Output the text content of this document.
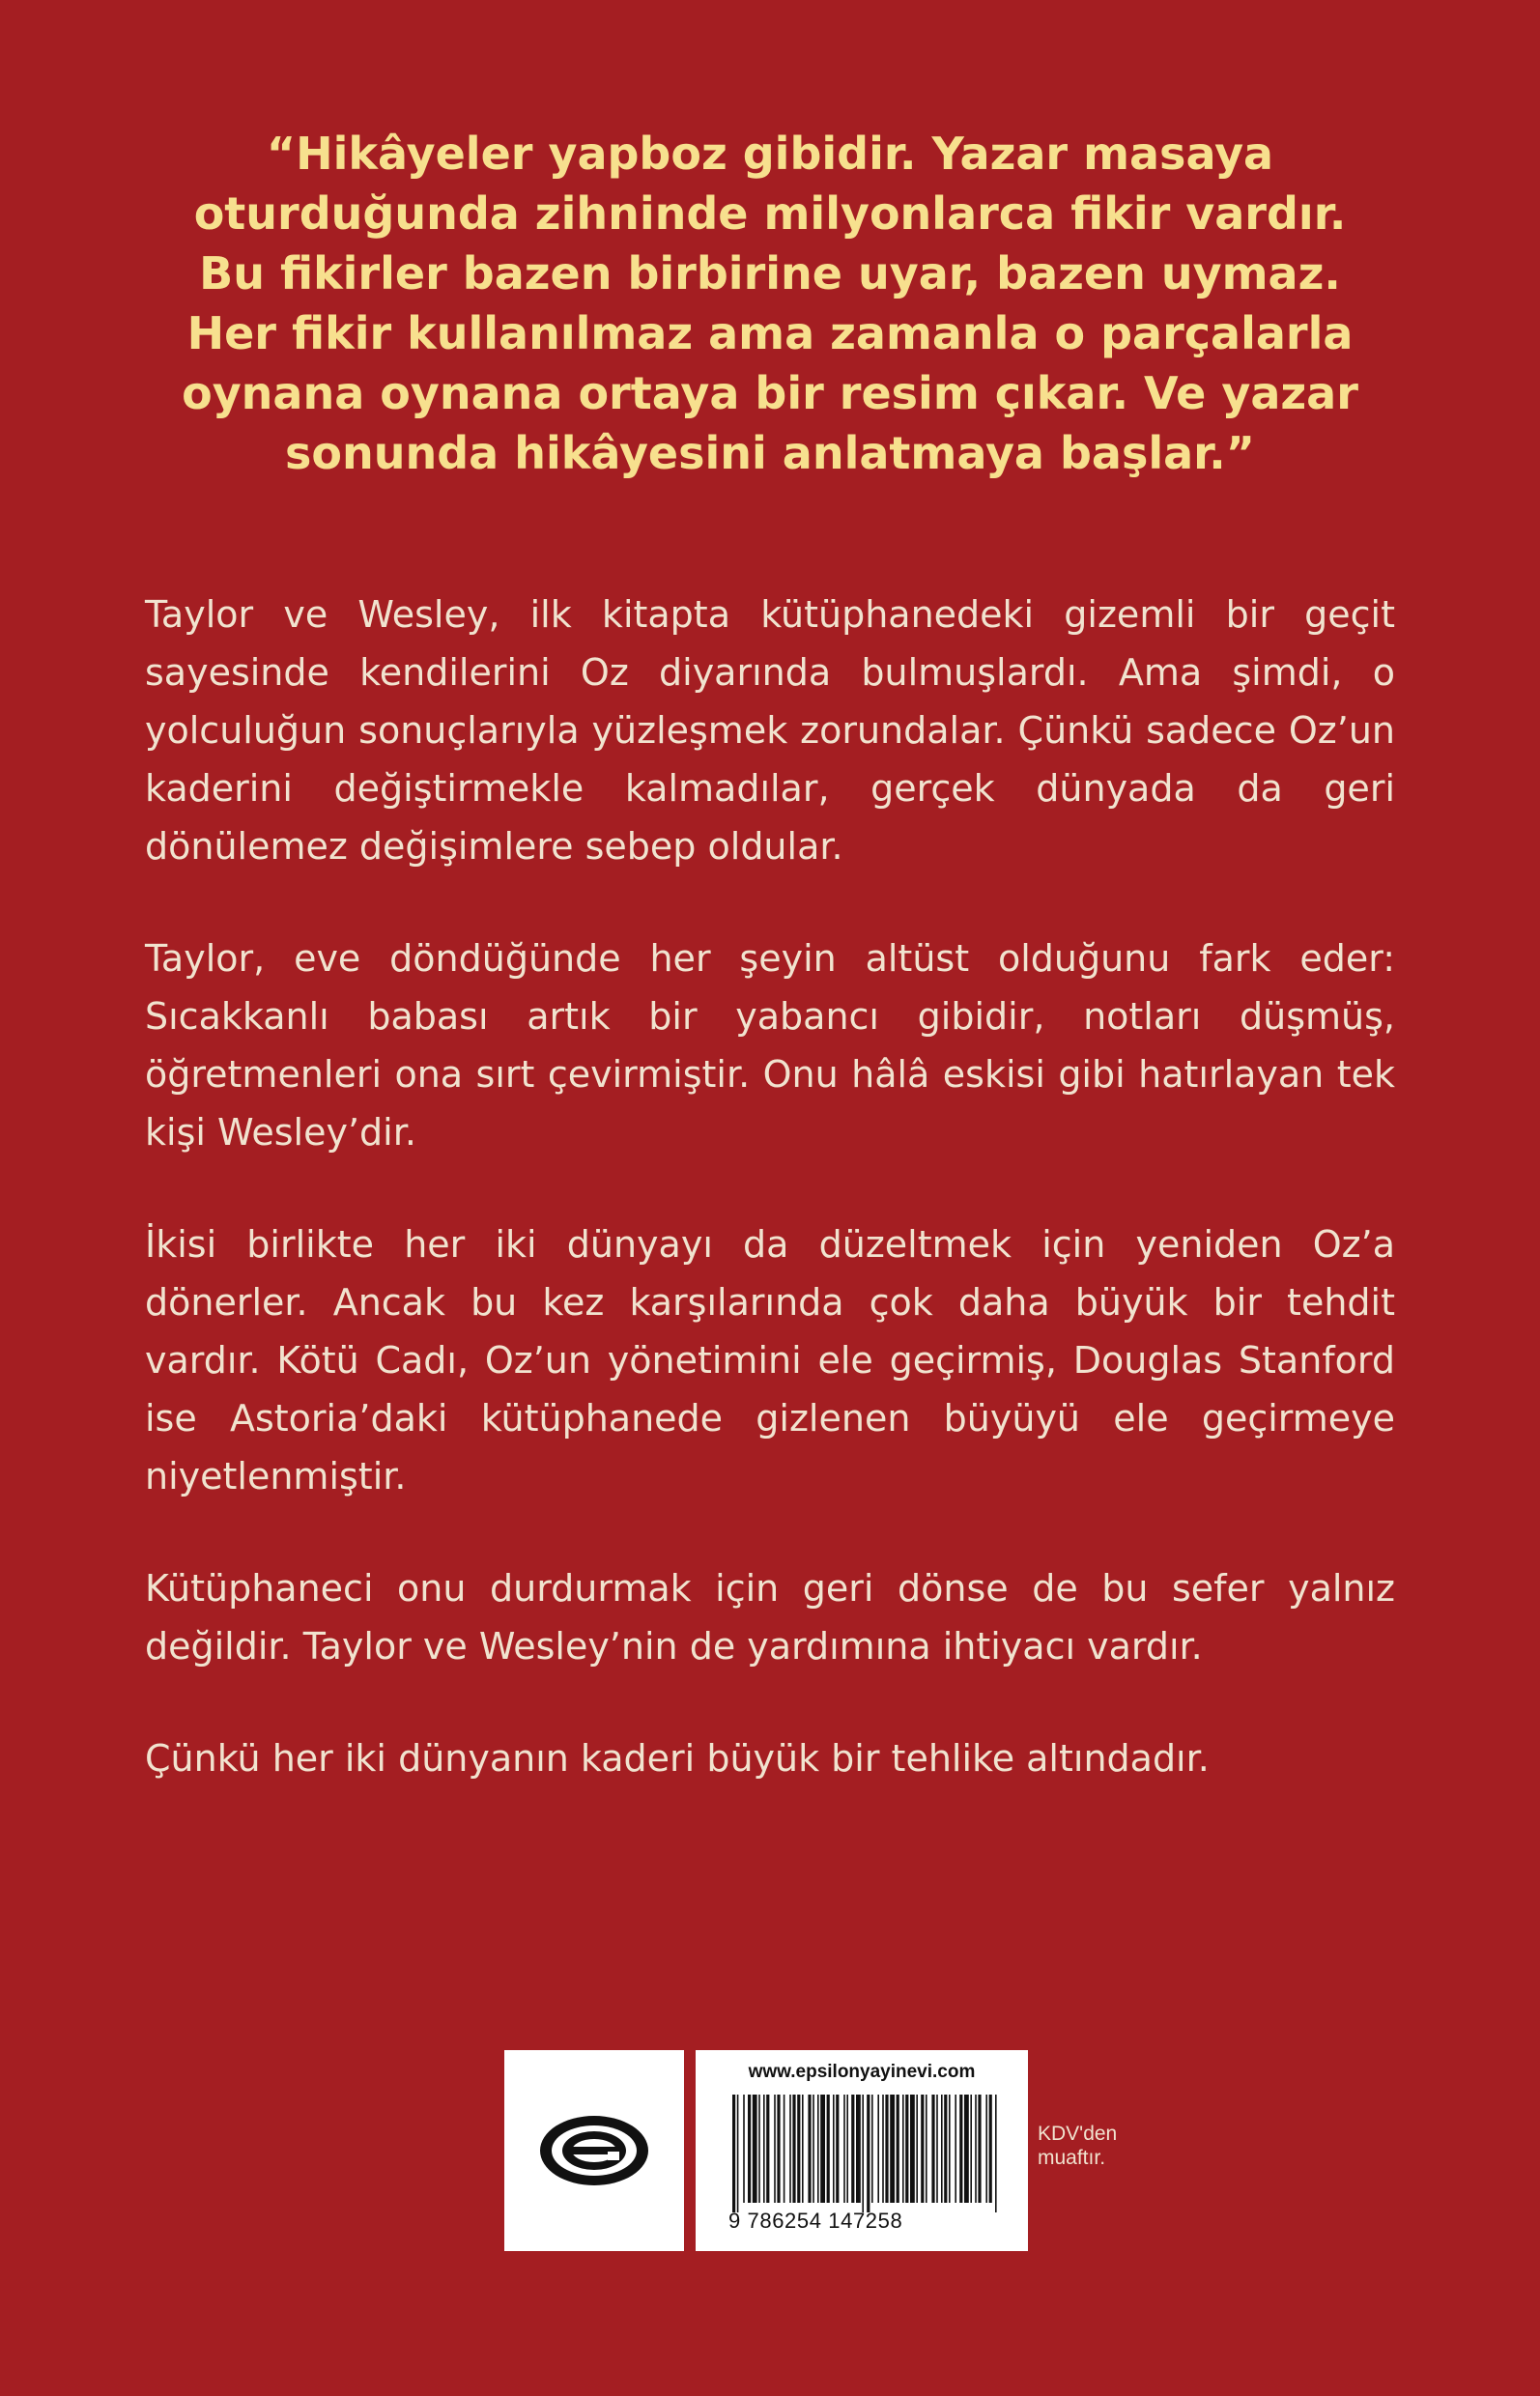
“Hikâyeler yapboz gibidir. Yazar masaya
oturduğunda zihninde milyonlarca fikir vardır.
Bu fikirler bazen birbirine uyar, bazen uymaz.
Her fikir kullanılmaz ama zamanla o parçalarla
oynana oynana ortaya bir resim çıkar. Ve yazar
sonunda hikâyesini anlatmaya başlar.”

Taylor ve Wesley, ilk kitapta kütüphanedeki gizemli bir geçit sayesinde kendilerini Oz diyarında bulmuşlardı. Ama şimdi, o yolculuğun sonuçlarıyla yüzleşmek zorundalar. Çünkü sadece Oz’un kaderini değiştirmekle kalmadılar, gerçek dünyada da geri dönülemez değişimlere sebep oldular.

Taylor, eve döndüğünde her şeyin altüst olduğunu fark eder: Sıcakkanlı babası artık bir yabancı gibidir, notları düşmüş, öğretmenleri ona sırt çevirmiştir. Onu hâlâ eskisi gibi hatırlayan tek kişi Wesley’dir.

İkisi birlikte her iki dünyayı da düzeltmek için yeniden Oz’a dönerler. Ancak bu kez karşılarında çok daha büyük bir tehdit vardır. Kötü Cadı, Oz’un yönetimini ele geçirmiş, Douglas Stanford ise Astoria’daki kütüphanede gizlenen büyüyü ele geçirmeye niyetlenmiştir.

Kütüphaneci onu durdurmak için geri dönse de bu sefer yalnız değildir. Taylor ve Wesley’nin de yardımına ihtiyacı vardır.

Çünkü her iki dünyanın kaderi büyük bir tehlike altındadır.

www.epsilonyayinevi.com
9 786254 147258
KDV'den
muaftır.
